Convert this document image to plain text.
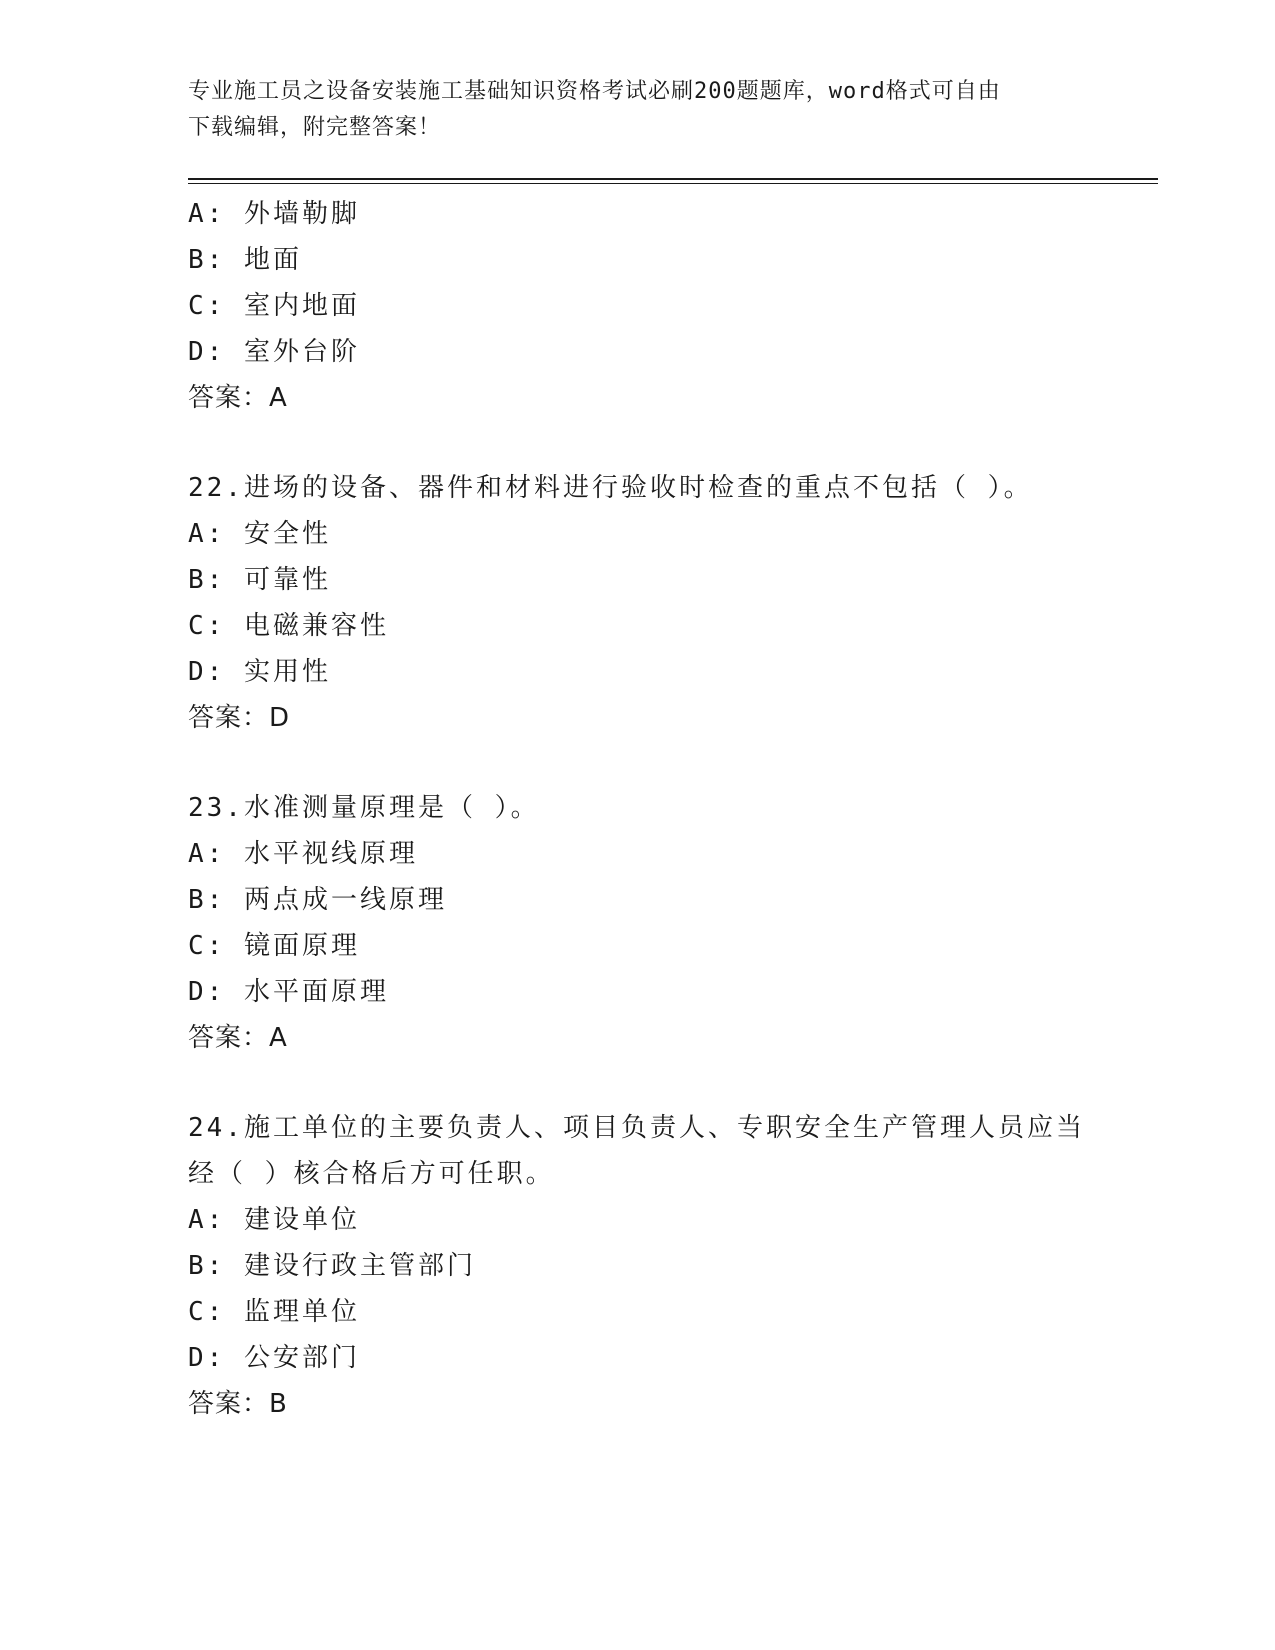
专业施工员之设备安装施工基础知识资格考试必刷200题题库，word格式可自由
下载编辑，附完整答案！
A: 外墙勒脚
B: 地面
C: 室内地面
D: 室外台阶
答案：A
22.进场的设备、器件和材料进行验收时检查的重点不包括（ ）。
A: 安全性
B: 可靠性
C: 电磁兼容性
D: 实用性
答案：D
23.水准测量原理是（ ）。
A: 水平视线原理
B: 两点成一线原理
C: 镜面原理
D: 水平面原理
答案：A
24.施工单位的主要负责人、项目负责人、专职安全生产管理人员应当
经（ ）核合格后方可任职。
A: 建设单位
B: 建设行政主管部门
C: 监理单位
D: 公安部门
答案：B
